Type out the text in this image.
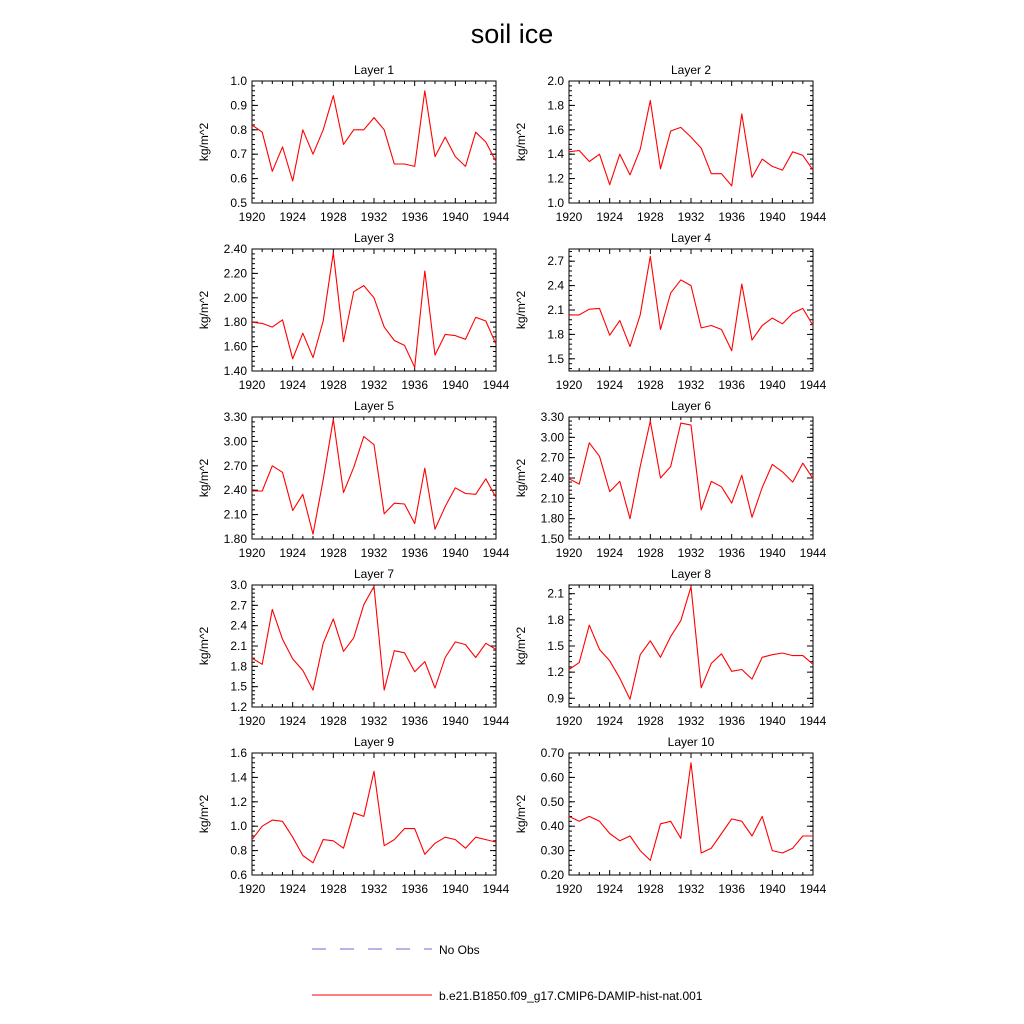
soil ice
Layer 1
1920 1924 1928 1932 1936 1940 1944
0.5
0.6
0.7
0.8
0.9
1.0
kg/m^2
Layer 2
1920 1924 1928 1932 1936 1940 1944
1.0
1.2
1.4
1.6
1.8
2.0
kg/m^2
Layer 3
1920 1924 1928 1932 1936 1940 1944
1.40
1.60
1.80
2.00
2.20
2.40
kg/m^2
Layer 4
1920 1924 1928 1932 1936 1940 1944
1.5
1.8
2.1
2.4
2.7
kg/m^2
Layer 5
1920 1924 1928 1932 1936 1940 1944
1.80
2.10
2.40
2.70
3.00
3.30
kg/m^2
Layer 6
1920 1924 1928 1932 1936 1940 1944
1.50
1.80
2.10
2.40
2.70
3.00
3.30
kg/m^2
Layer 7
1920 1924 1928 1932 1936 1940 1944
1.2
1.5
1.8
2.1
2.4
2.7
3.0
kg/m^2
Layer 8
1920 1924 1928 1932 1936 1940 1944
0.9
1.2
1.5
1.8
2.1
kg/m^2
Layer 9
1920 1924 1928 1932 1936 1940 1944
0.6
0.8
1.0
1.2
1.4
1.6
kg/m^2
Layer 10
1920 1924 1928 1932 1936 1940 1944
0.20
0.30
0.40
0.50
0.60
0.70
kg/m^2
No Obs
b.e21.B1850.f09_g17.CMIP6-DAMIP-hist-nat.001
